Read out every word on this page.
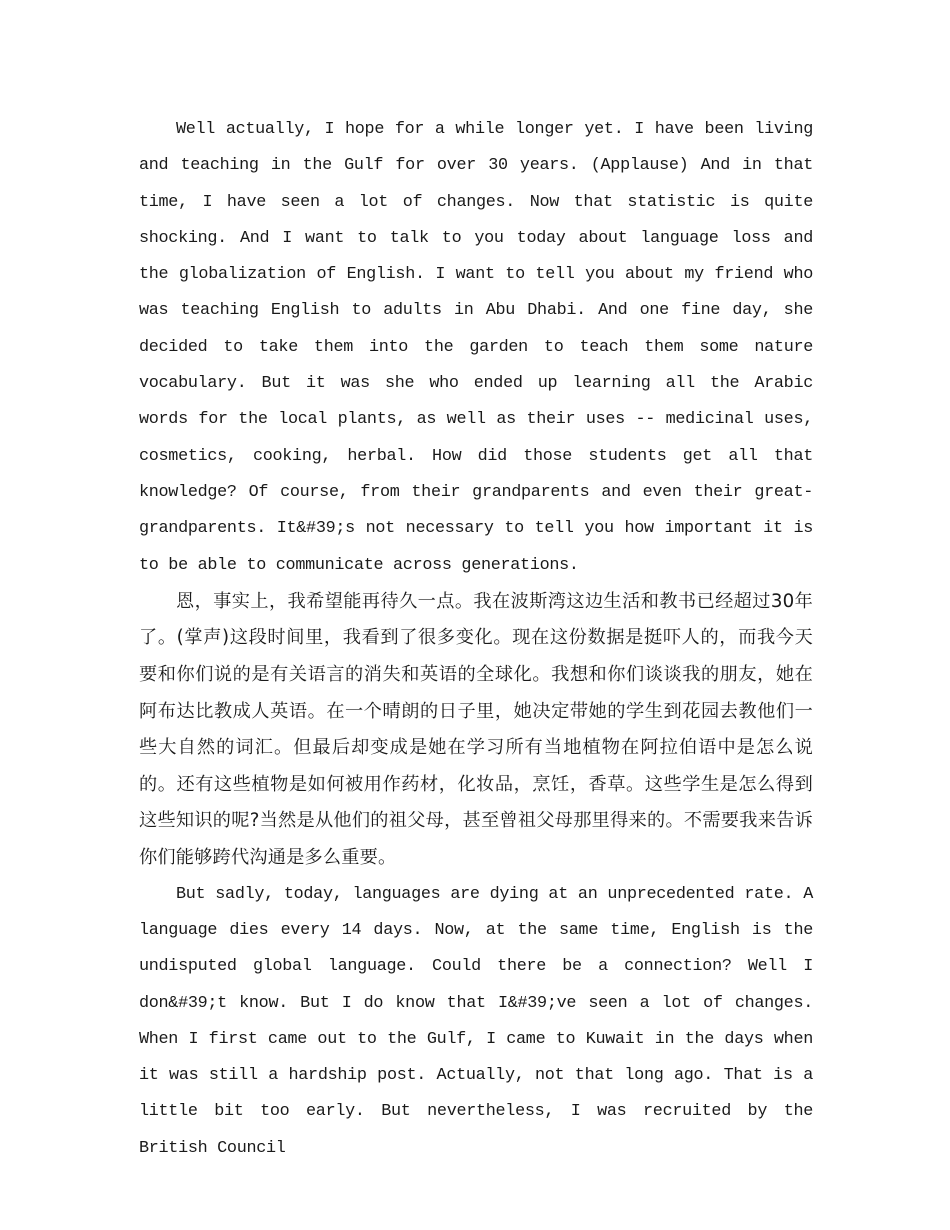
Well actually, I hope for a while longer yet. I have been living and teaching in the Gulf for over 30 years. (Applause) And in that time, I have seen a lot of changes. Now that statistic is quite shocking. And I want to talk to you today about language loss and the globalization of English. I want to tell you about my friend who was teaching English to adults in Abu Dhabi. And one fine day, she decided to take them into the garden to teach them some nature vocabulary. But it was she who ended up learning all the Arabic words for the local plants, as well as their uses -- medicinal uses, cosmetics, cooking, herbal. How did those students get all that knowledge? Of course, from their grandparents and even their great-grandparents. It&#39;s not necessary to tell you how important it is to be able to communicate across generations.

恩，事实上，我希望能再待久一点。我在波斯湾这边生活和教书已经超过30年了。(掌声)这段时间里，我看到了很多变化。现在这份数据是挺吓人的，而我今天要和你们说的是有关语言的消失和英语的全球化。我想和你们谈谈我的朋友，她在阿布达比教成人英语。在一个晴朗的日子里，她决定带她的学生到花园去教他们一些大自然的词汇。但最后却变成是她在学习所有当地植物在阿拉伯语中是怎么说的。还有这些植物是如何被用作药材，化妆品，烹饪，香草。这些学生是怎么得到这些知识的呢?当然是从他们的祖父母，甚至曾祖父母那里得来的。不需要我来告诉你们能够跨代沟通是多么重要。

But sadly, today, languages are dying at an unprecedented rate. A language dies every 14 days. Now, at the same time, English is the undisputed global language. Could there be a connection? Well I don&#39;t know. But I do know that I&#39;ve seen a lot of changes. When I first came out to the Gulf, I came to Kuwait in the days when it was still a hardship post. Actually, not that long ago. That is a little bit too early. But nevertheless, I was recruited by the British Council
